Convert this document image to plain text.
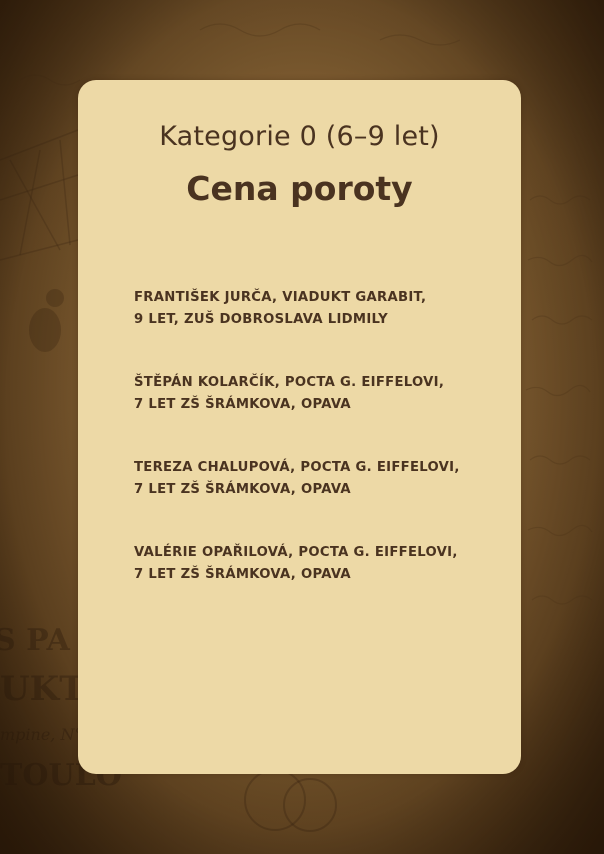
Kategorie 0 (6–9 let)
Cena poroty
FRANTIŠEK JURČA, VIADUKT GARABIT,
9 LET, ZUŠ DOBROSLAVA LIDMILY
ŠTĚPÁN KOLARČÍK, POCTA G. EIFFELOVI,
7 LET ZŠ ŠRÁMKOVA, OPAVA
TEREZA CHALUPOVÁ, POCTA G. EIFFELOVI,
7 LET ZŠ ŠRÁMKOVA, OPAVA
VALÉRIE OPAŘILOVÁ, POCTA G. EIFFELOVI,
7 LET ZŠ ŠRÁMKOVA, OPAVA
